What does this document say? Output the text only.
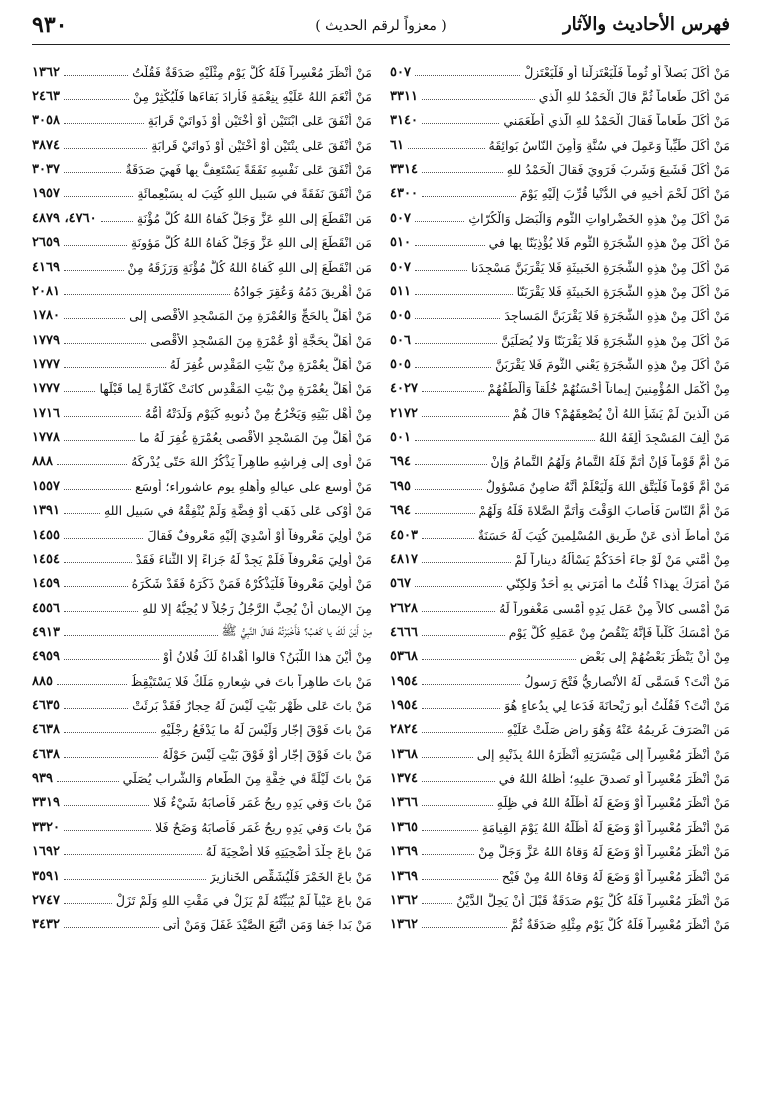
فهرس الأحاديث والآثار
( معزواً لرقم الحديث )
٩٣٠
مَنْ أَكَلَ بَصلاً أو ثُوماً فَلْيَعْتَزِلْنا أو فَلْيَعْتَزِلْ
٥٠٧
مَنْ أَكَلَ طَعاماً ثُمَّ قالَ الْحَمْدُ للهِ الَّذي
٣٣١١
مَنْ أَكَلَ طَعاماً فَقالَ الْحَمْدُ للهِ الَّذي أَطْعَمَني
٣١٤٠
مَنْ أَكَلَ طَيِّباً وَعَمِلَ في سُنَّةٍ وَأَمِنَ النّاسُ بَوائِقَهُ
٦١
مَنْ أَكَلَ فَشَبِعَ وَشَرِبَ فَرَوِيَ فَقالَ الْحَمْدُ للهِ
٣٣١٤
مَنْ أَكَلَ لَحْمَ أَخيهِ في الدُّنْيا قُرِّبَ إِلَيْهِ يَوْمَ
٤٣٠٠
مَنْ أَكَلَ مِنْ هذِهِ الخَضْراواتِ الثُّومِ وَالْبَصَلِ وَالْكُرّاثِ
٥٠٧
مَنْ أَكَلَ مِنْ هذِهِ الشَّجَرَةِ الثُّومِ فَلا يُؤْذِيَنّا بِها في
٥١٠
مَنْ أَكَلَ مِنْ هذِهِ الشَّجَرَةِ الخَبيثَةِ فَلا يَقْرَبَنَّ مَسْجِدَنا
٥٠٧
مَنْ أَكَلَ مِنْ هذِهِ الشَّجَرَةِ الخَبيثَةِ فَلا يَقْرَبَنّا
٥١١
مَنْ أَكَلَ مِنْ هذِهِ الشَّجَرَةِ فَلا يَقْرَبَنَّ المَساجِدَ
٥٠٥
مَنْ أَكَلَ مِنْ هذِهِ الشَّجَرَةِ فَلا يَقْرَبَنّا وَلا يُصَلِّيَنَّ
٥٠٦
مَنْ أَكَلَ مِنْ هذِهِ الشَّجَرَةِ يَعْني الثُّومَ فَلا يَقْرَبَنَّ
٥٠٥
مِنْ أَكْمَلِ المُؤْمِنينَ إِيماناً أَحْسَنُهُمْ خُلُقاً وَأَلْطَفُهُمْ
٤٠٢٧
مَنِ الَّذينَ لَمْ يَشَأِ اللهُ أَنْ يُصْعِقَهُمْ؟ قالَ هُمْ
٢١٧٢
مَنْ أَلِفَ المَسْجِدَ أَلِفَهُ اللهُ
٥٠١
مَنْ أَمَّ قَوْماً فَإِنْ أَتَمَّ فَلَهُ التَّمامُ وَلَهُمُ التَّمامُ وَإِنْ
٦٩٤
مَنْ أَمَّ قَوْماً فَلْيَتَّقِ اللهَ وَلْيَعْلَمْ أَنَّهُ ضامِنٌ مَسْؤولٌ
٦٩٥
مَنْ أَمَّ النّاسَ فَأَصابَ الوَقْتَ وَأَتَمَّ الصَّلاةَ فَلَهُ وَلَهُمْ
٦٩٤
مَنْ أَماطَ أَذى عَنْ طَريقِ المُسْلِمينَ كُتِبَ لَهُ حَسَنَةٌ
٤٥٠٣
مِنْ أُمَّتي مَنْ لَوْ جاءَ أَحَدَكُمْ يَسْأَلُهُ ديناراً لَمْ
٤٨١٧
مَنْ أَمَرَكَ بِهذا؟ قُلْتُ ما أَمَرَني بِهِ أَحَدٌ وَلكِنّي
٥٦٧
مَنْ أَمْسى كالاً مِنْ عَمَلِ يَدِهِ أَمْسى مَغْفوراً لَهُ
٢٦٢٨
مَنْ أَمْسَكَ كَلْباً فَإِنَّهُ يَنْقُصُ مِنْ عَمَلِهِ كُلَّ يَوْمٍ
٤٦٦٦
مِنْ أَنْ يَنْظُرَ بَعْضُهُمْ إِلى بَعْضٍ
٥٣٦٨
مَنْ أَنْتَ؟ فَسَمَّى لَهُ الأَنْصارِيُّ فَتْحَ رَسولُ
١٩٥٤
مَنْ أَنْتَ؟ فَقُلْتُ أَبو رَيْحانَةَ فَدَعا لِي بِدُعاءٍ هُوَ
١٩٥٤
مَنِ انْصَرَفَ غَريمُهُ عَنْهُ وَهُوَ راضٍ صَلَّتْ عَلَيْهِ
٢٨٢٤
مَنْ أَنْظَرَ مُعْسِراً إِلى مَيْسَرَتِهِ أَنْظَرَهُ اللهُ بِذَنْبِهِ إِلى
١٣٦٨
مَنْ أَنْظَرَ مُعْسِراً أو تَصدقَ عليهِ؛ أظلهُ اللهُ في
١٣٧٤
مَنْ أَنْظَرَ مُعْسِراً أَوْ وَضَعَ لَهُ أَظَلَّهُ اللهُ في ظِلِّهِ
١٣٦٦
مَنْ أَنْظَرَ مُعْسِراً أَوْ وَضَعَ لَهُ أَظَلَّهُ اللهُ يَوْمَ القِيامَةِ
١٣٦٥
مَنْ أَنْظَرَ مُعْسِراً أَوْ وَضَعَ لَهُ وَقاهُ اللهُ عَزَّ وَجَلَّ مِنْ
١٣٦٩
مَنْ أَنْظَرَ مُعْسِراً أَوْ وَضَعَ لَهُ وَقاهُ اللهُ مِنْ فَيْحِ
١٣٦٩
مَنْ أَنْظَرَ مُعْسِراً فَلَهُ كُلَّ يَوْمٍ صَدَقَةٌ قَبْلَ أَنْ يَحِلَّ الدَّيْنُ
١٣٦٢
مَنْ أَنْظَرَ مُعْسِراً فَلَهُ كُلَّ يَوْمٍ مِثْلِهِ صَدَقَةٌ ثُمَّ
١٣٦٢
مَنْ أَنْظَرَ مُعْسِراً فَلَهُ كُلَّ يَوْمٍ مِثْلَيْهِ صَدَقَةٌ فَقُلْتُ
١٣٦٢
مَنْ أَنْعَمَ اللهُ عَلَيْهِ بِنِعْمَةٍ فَأَرادَ بَقاءَها فَلْيُكْثِرْ مِنْ
٢٤٦٣
مَنْ أَنْفَقَ عَلى ابْنَتَيْنِ أَوْ أُخْتَيْنِ أَوْ ذَواتَيْ قَرابَةٍ
٣٠٥٨
مَنْ أَنْفَقَ عَلى بِنْتَيْنِ أَوْ أُخْتَيْنِ أَوْ ذَواتَيْ قَرابَةٍ
٣٨٧٤
مَنْ أَنْفَقَ عَلى نَفْسِهِ نَفَقَةً يَسْتَعِفُّ بِها فَهِيَ صَدَقَةٌ
٣٠٣٧
مَنْ أَنْفَقَ نَفَقَةً في سَبيلِ اللهِ كُتِبَ له بِسَبْعِمائَةٍ
١٩٥٧
مَنِ انْقَطَعَ إِلى اللهِ عَزَّ وَجَلَّ كَفاهُ اللهُ كُلَّ مُؤْنَةٍ
٤٧٦٠، ٤٨٧٩
مَنِ انْقَطَعَ إِلى اللهِ عَزَّ وَجَلَّ كَفاهُ اللهُ كُلَّ مَؤونَةٍ
٢٦٥٩
مَنِ انْقَطَعَ إِلى اللهِ كَفاهُ اللهُ كُلَّ مُؤْنَةٍ وَرَزَقَهُ مِنْ
٤١٦٩
مَنْ أُهْريقَ دَمُهُ وَعُقِرَ جَوادُهُ
٢٠٨١
مَنْ أَهَلَّ بِالحَجِّ وَالعُمْرَةِ مِنَ المَسْجِدِ الأَقْصى إِلى
١٧٨٠
مَنْ أَهَلَّ بِحَجَّةٍ أَوْ عُمْرَةٍ مِنَ المَسْجِدِ الأَقْصى
١٧٧٩
مَنْ أَهَلَّ بِعُمْرَةٍ مِنْ بَيْتِ المَقْدِسِ غُفِرَ لَهُ
١٧٧٧
مَنْ أَهَلَّ بِعُمْرَةٍ مِنْ بَيْتِ المَقْدِسِ كانَتْ كَفّارَةً لِما قَبْلَها
١٧٧٧
مِنْ أَهْلِ بَيْتِهِ وَيَخْرُجُ مِنْ ذُنوبِهِ كَيَوْمِ وَلَدَتْهُ أُمُّهُ
١٧١٦
مَنْ أَهَلَّ مِنَ المَسْجِدِ الأَقْصى بِعُمْرَةٍ غُفِرَ لَهُ ما
١٧٧٨
مَنْ أَوى إِلى فِراشِهِ طاهِراً يَذْكُرُ اللهَ حَتّى يُدْرِكَهُ
٨٨٨
مَنْ أوسع على عيالهِ وأهلهِ يوم عاشوراء؛ أوسَع
١٥٥٧
مَنْ أَوْكى عَلى ذَهَبٍ أَوْ فِضَّةٍ وَلَمْ يُنْفِقْهُ في سَبيلِ اللهِ
١٣٩١
مَنْ أُولِيَ مَعْروفاً أَوْ أُسْدِيَ إِلَيْهِ مَعْروفٌ فَقالَ
١٤٥٥
مَنْ أُولِيَ مَعْروفاً فَلَمْ يَجِدْ لَهُ جَزاءً إِلا الثَّناءَ فَقَدْ
١٤٥٤
مَنْ أُولِيَ مَعْروفاً فَلْيَذْكُرْهُ فَمَنْ ذَكَرَهُ فَقَدْ شَكَرَهُ
١٤٥٩
مِنَ الإِيمانِ أَنْ يُحِبَّ الرَّجُلُ رَجُلاً لا يُحِبُّهُ إِلا للهِ
٤٥٥٦
مِنْ أَيْنَ لَكَ يا كَعْبُ؟ فَأَخْبَرْتُهُ فَقالَ النَّبِيُّ ﷺ
٤٩١٣
مِنْ أَيْنَ هذا اللَّبَنُ؟ قالوا أَهْداهُ لَكَ فُلانُ أَوْ
٤٩٥٩
مَنْ باتَ طاهِراً باتَ في شِعارِهِ مَلَكٌ فَلا يَسْتَيْقِظُ
٨٨٥
مَنْ باتَ عَلى ظَهْرِ بَيْتٍ لَيْسَ لَهُ حِجارٌ فَقَدْ بَرِئَتْ
٤٦٣٥
مَنْ باتَ فَوْقَ إِجّارٍ وَلَيْسَ لَهُ ما يَدْفَعُ رِجْلَيْهِ
٤٦٣٨
مَنْ باتَ فَوْقَ إِجّارٍ أَوْ فَوْقَ بَيْتٍ لَيْسَ حَوْلَهُ
٤٦٣٨
مَنْ باتَ لَيْلَةً في خِفَّةٍ مِنَ الطَّعامِ وَالشَّرابِ يُصَلِّي
٩٣٩
مَنْ باتَ وَفي يَدِهِ ريحُ غَمَرٍ فَأَصابَهُ شَيْءٌ فَلا
٣٣١٩
مَنْ باتَ وَفي يَدِهِ ريحُ غَمَرٍ فَأَصابَهُ وَضَحٌ فَلا
٣٣٢٠
مَنْ باعَ جِلْدَ أُضْحِيَتِهِ فَلا أُضْحِيَةَ لَهُ
١٦٩٢
مَنْ باعَ الخَمْرَ فَلْيُشَقِّصِ الخَنازيرَ
٣٥٩١
مَنْ باعَ عَيْباً لَمْ يُبَيِّنْهُ لَمْ يَزَلْ في مَقْتِ اللهِ وَلَمْ تَزَلْ
٢٧٤٧
مَنْ بَدا جَفا وَمَنِ اتَّبَعَ الصَّيْدَ غَفَلَ وَمَنْ أَتى
٣٤٣٢
